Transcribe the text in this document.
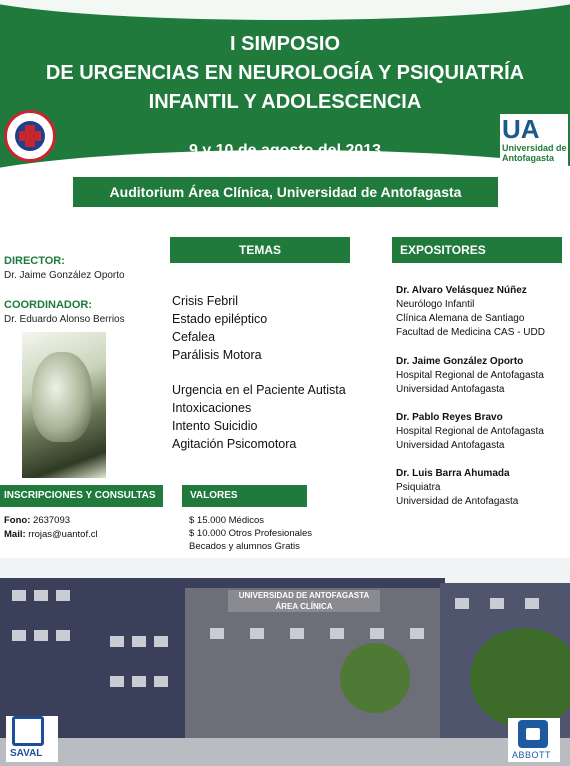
I SIMPOSIO
DE URGENCIAS EN NEUROLOGÍA Y PSIQUIATRÍA
INFANTIL Y ADOLESCENCIA
9 y 10 de agosto del 2013
UA
Universidad de Antofagasta
Auditorium Área Clínica, Universidad de Antofagasta
DIRECTOR:
Dr. Jaime González Oporto
COORDINADOR:
Dr. Eduardo Alonso Berrios
TEMAS
Crisis Febril
Estado epiléptico
Cefalea
Parálisis Motora
Urgencia en el Paciente Autista
Intoxicaciones
Intento Suicidio
Agitación Psicomotora
EXPOSITORES
Dr. Alvaro Velásquez Núñez
Neurólogo Infantil
Clínica Alemana de Santiago
Facultad de Medicina CAS - UDD
Dr. Jaime González Oporto
Hospital Regional de Antofagasta
Universidad Antofagasta
Dr. Pablo Reyes Bravo
Hospital Regional de Antofagasta
Universidad Antofagasta
Dr. Luis Barra Ahumada
Psiquiatra
Universidad de Antofagasta
INSCRIPCIONES Y CONSULTAS
Fono: 2637093
Mail: rrojas@uantof.cl
VALORES
$ 15.000 Médicos
$ 10.000 Otros Profesionales
Becados y alumnos Gratis
UNIVERSIDAD DE ANTOFAGASTA
ÁREA CLÍNICA
SAVAL	ABBOTT
